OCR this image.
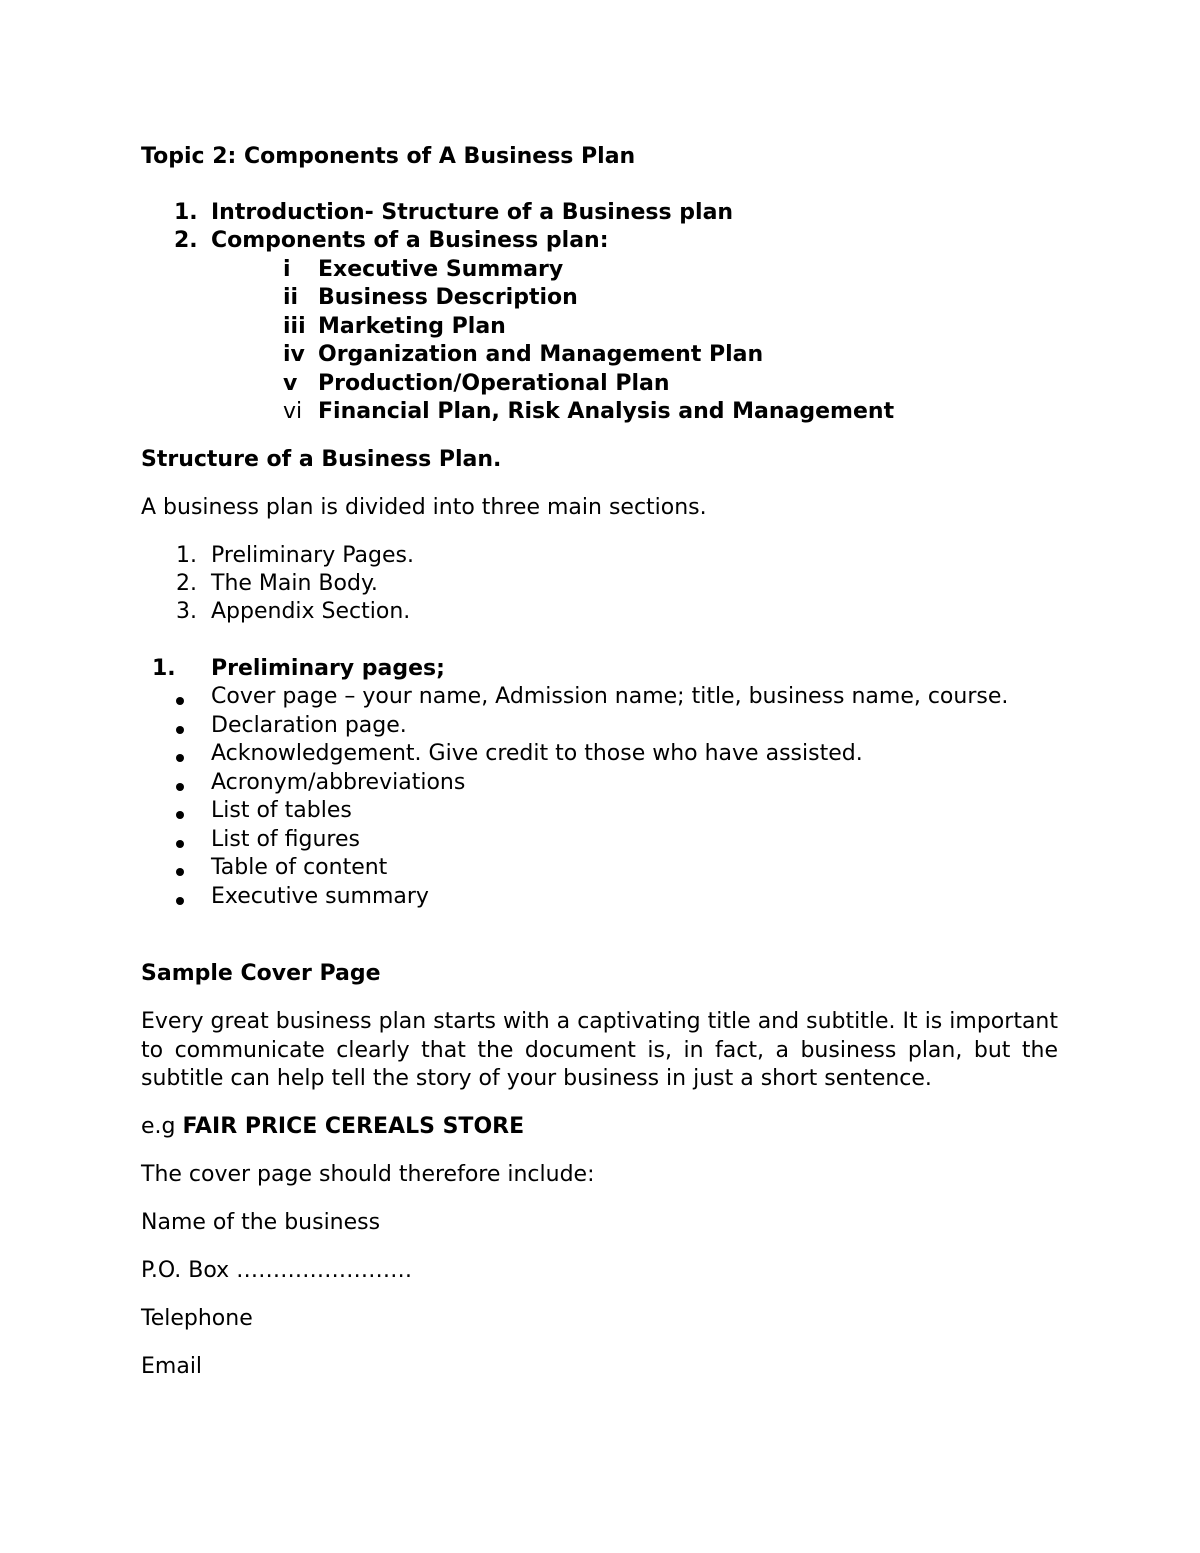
Topic 2: Components of A Business Plan
1. Introduction- Structure of a Business plan
2. Components of a Business plan:
i Executive Summary
ii Business Description
iii Marketing Plan
iv Organization and Management Plan
v Production/Operational Plan
vi Financial Plan, Risk Analysis and Management
Structure of a Business Plan.
A business plan is divided into three main sections.
1. Preliminary Pages.
2. The Main Body.
3. Appendix Section.
1. Preliminary pages;
Cover page – your name, Admission name; title, business name, course.
Declaration page.
Acknowledgement. Give credit to those who have assisted.
Acronym/abbreviations
List of tables
List of figures
Table of content
Executive summary
Sample Cover Page
Every great business plan starts with a captivating title and subtitle. It is important to communicate clearly that the document is, in fact, a business plan, but the subtitle can help tell the story of your business in just a short sentence.
e.g FAIR PRICE CEREALS STORE
The cover page should therefore include:
Name of the business
P.O. Box ……………………
Telephone
Email
